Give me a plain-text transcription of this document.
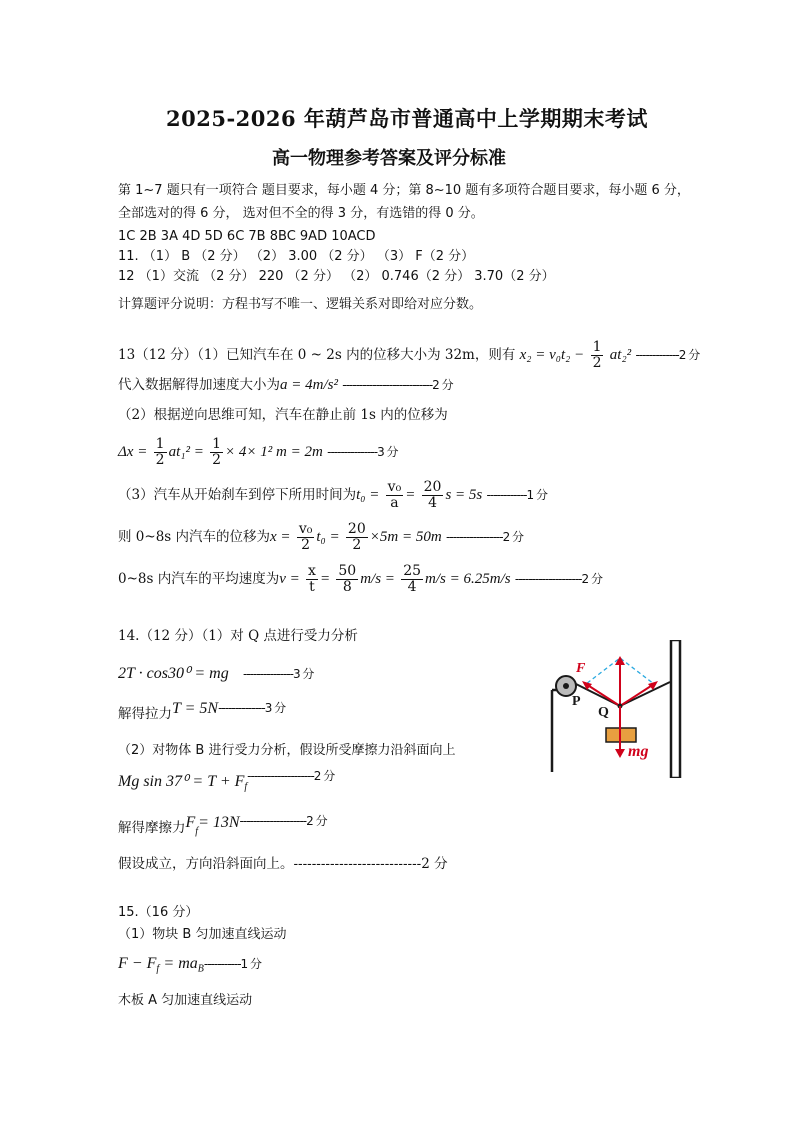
2025-2026 年葫芦岛市普通高中上学期期末考试
高一物理参考答案及评分标准
第 1~7 题只有一项符合 题目要求，每小题 4 分；第 8~10 题有多项符合题目要求，每小题 6 分，
全部选对的得 6 分， 选对但不全的得 3 分，有选错的得 0 分。
1C 2B 3A 4D 5D 6C 7B 8BC 9AD 10ACD
11. （1） B （2 分） （2） 3.00 （2 分） （3） F（2 分）
12 （1）交流 （2 分） 220 （2 分） （2） 0.746（2 分） 3.70（2 分）
计算题评分说明：方程书写不唯一、逻辑关系对即给对应分数。
13（12 分）（1）已知汽车在 0 ~ 2s 内的位移大小为 32m，则有 $x_2 = v_0t_2 - \frac{1}{2} at_2^2$ -------------2 分
代入数据解得加速度大小为a = 4m/s² ---------------------------2 分
（2）根据逆向思维可知，汽车在静止前 1s 内的位移为
$\Delta x = \frac{1}{2} at_1^2 = \frac{1}{2} \times 4\times 1^2$ m = 2m ---------------3 分
（3）汽车从开始刹车到停下所用时间为$t_0 = \frac{\text{v₀}}{a} = \frac{20}{4}$ s = 5s ------------1 分
则 0~8s 内汽车的位移为$x = \frac{\text{v₀}}{2} t_0 = \frac{20}{2} \times 5m = 50m$ -----------------2 分
0~8s 内汽车的平均速度为$v = \frac{x}{t} = \frac{50}{8} m/s = \frac{25}{4} m/s = 6.25m/s$ --------------------2 分
14.（12 分）（1）对 Q 点进行受力分析
2T · cos30⁰ = mg ---------------3 分
解得拉力T = 5N--------------3 分
（2）对物体 B 进行受力分析，假设所受摩擦力沿斜面向上
Mg $\sin 37^0 = T + F_f--------------------2$ 分
解得摩擦力$F_f= 13N--------------------2$ 分
假设成立，方向沿斜面向上。----------------------------2 分
P
F
Q
mg
15.（16 分）
（1）物块 B 匀加速直线运动
$F - F_f = ma_B-----------1$ 分
木板 A 匀加速直线运动
